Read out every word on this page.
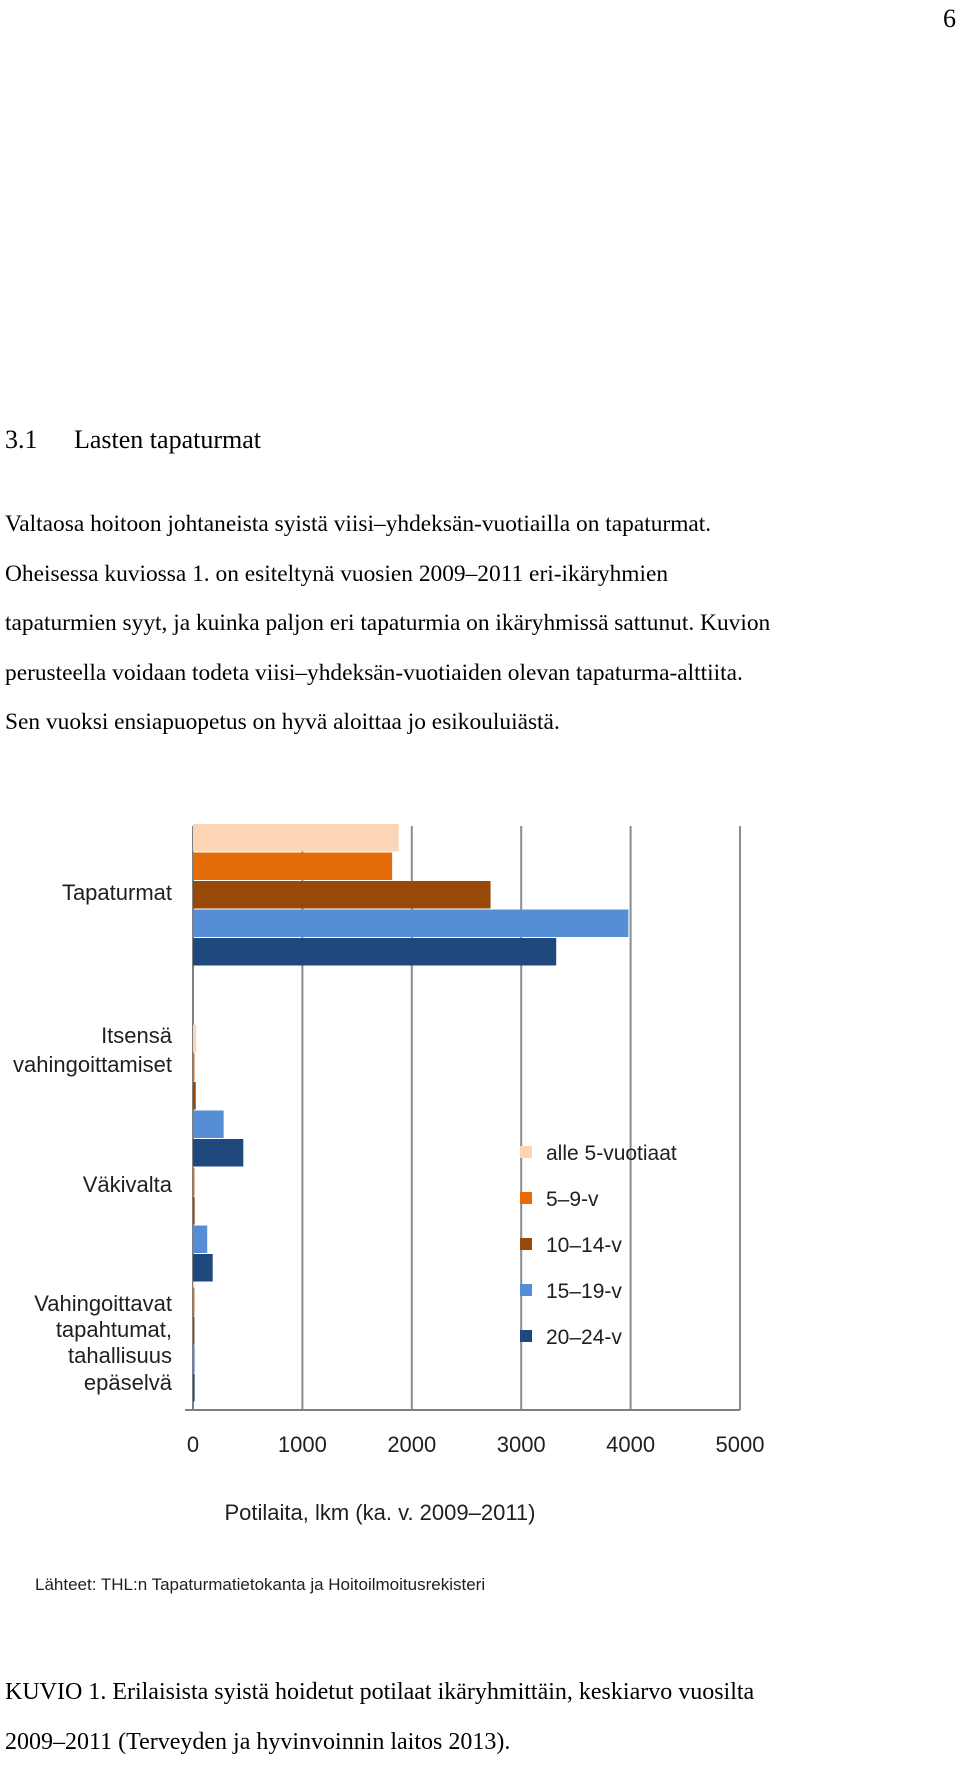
6
3.1 Lasten tapaturmat
Valtaosa hoitoon johtaneista syistä viisi–yhdeksän-vuotiailla on tapaturmat.
Oheisessa kuviossa 1. on esiteltynä vuosien 2009–2011 eri-ikäryhmien
tapaturmien syyt, ja kuinka paljon eri tapaturmia on ikäryhmissä sattunut. Kuvion
perusteella voidaan todeta viisi–yhdeksän-vuotiaiden olevan tapaturma-alttiita.
Sen vuoksi ensiapuopetus on hyvä aloittaa jo esikouluiästä.
0	1000	2000	3000	4000	5000
Tapaturmat
Itsensä
vahingoittamiset
Väkivalta
Vahingoittavat
tapahtumat,
tahallisuus
epäselvä
alle 5-vuotiaat
5–9-v
10–14-v
15–19-v
20–24-v
Potilaita, lkm (ka. v. 2009–2011)
Lähteet: THL:n Tapaturmatietokanta ja Hoitoilmoitusrekisteri
KUVIO 1. Erilaisista syistä hoidetut potilaat ikäryhmittäin, keskiarvo vuosilta
2009–2011 (Terveyden ja hyvinvoinnin laitos 2013).
